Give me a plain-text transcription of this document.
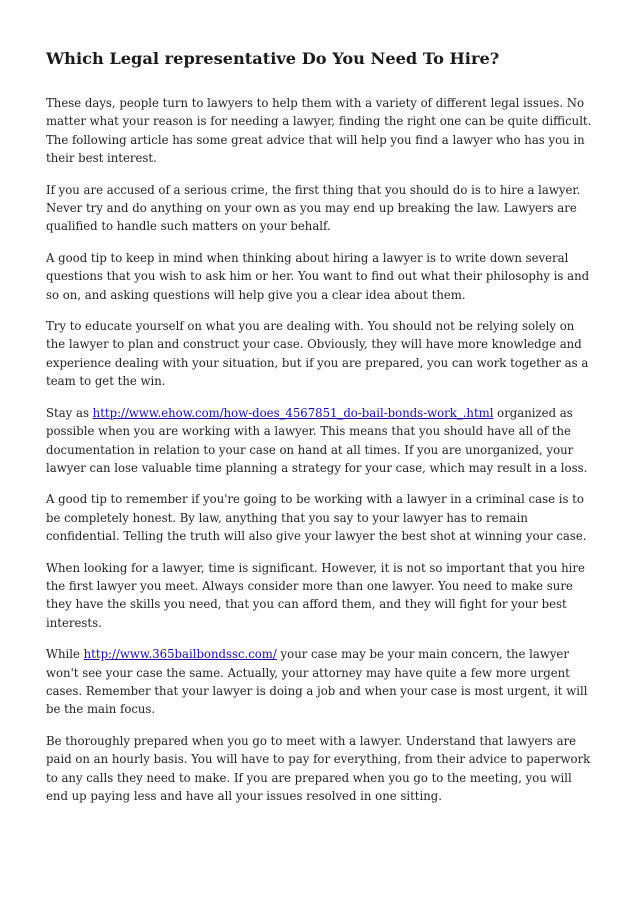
Which Legal representative Do You Need To Hire?

These days, people turn to lawyers to help them with a variety of different legal issues. No matter what your reason is for needing a lawyer, finding the right one can be quite difficult. The following article has some great advice that will help you find a lawyer who has you in their best interest.

If you are accused of a serious crime, the first thing that you should do is to hire a lawyer. Never try and do anything on your own as you may end up breaking the law. Lawyers are qualified to handle such matters on your behalf.

A good tip to keep in mind when thinking about hiring a lawyer is to write down several questions that you wish to ask him or her. You want to find out what their philosophy is and so on, and asking questions will help give you a clear idea about them.

Try to educate yourself on what you are dealing with. You should not be relying solely on the lawyer to plan and construct your case. Obviously, they will have more knowledge and experience dealing with your situation, but if you are prepared, you can work together as a team to get the win.

Stay as http://www.ehow.com/how-does_4567851_do-bail-bonds-work_.html organized as possible when you are working with a lawyer. This means that you should have all of the documentation in relation to your case on hand at all times. If you are unorganized, your lawyer can lose valuable time planning a strategy for your case, which may result in a loss.

A good tip to remember if you're going to be working with a lawyer in a criminal case is to be completely honest. By law, anything that you say to your lawyer has to remain confidential. Telling the truth will also give your lawyer the best shot at winning your case.

When looking for a lawyer, time is significant. However, it is not so important that you hire the first lawyer you meet. Always consider more than one lawyer. You need to make sure they have the skills you need, that you can afford them, and they will fight for your best interests.

While http://www.365bailbondssc.com/ your case may be your main concern, the lawyer won't see your case the same. Actually, your attorney may have quite a few more urgent cases. Remember that your lawyer is doing a job and when your case is most urgent, it will be the main focus.

Be thoroughly prepared when you go to meet with a lawyer. Understand that lawyers are paid on an hourly basis. You will have to pay for everything, from their advice to paperwork to any calls they need to make. If you are prepared when you go to the meeting, you will end up paying less and have all your issues resolved in one sitting.
